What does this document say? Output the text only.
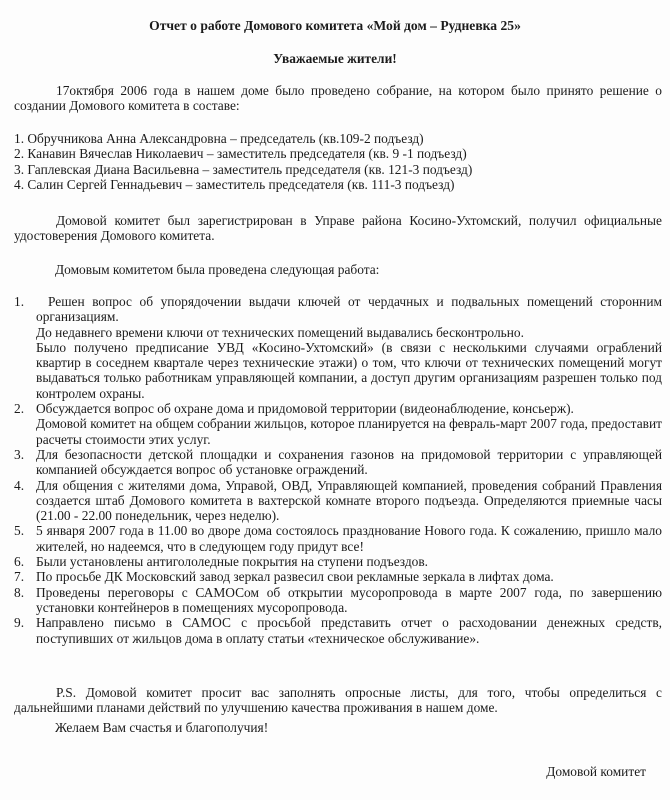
Отчет о работе Домового комитета «Мой дом – Рудневка 25»
Уважаемые жители!

17октября 2006 года в нашем доме было проведено собрание, на котором было принято решение о создании Домового комитета в составе:

1. Обручникова Анна Александровна – председатель (кв.109-2 подъезд)
2. Канавин Вячеслав Николаевич – заместитель председателя (кв. 9 -1 подъезд)
3. Гаплевская Диана Васильевна – заместитель председателя (кв. 121-3 подъезд)
4. Салин Сергей Геннадьевич – заместитель председателя (кв. 111-3 подъезд)

Домовой комитет был зарегистрирован в Управе района Косино-Ухтомский, получил официальные удостоверения Домового комитета.

Домовым комитетом была проведена следующая работа:
1.	Решен вопрос об упорядочении выдачи ключей от чердачных и подвальных помещений сторонним организациям.

До недавнего времени ключи от технических помещений выдавались бесконтрольно.

Было получено предписание УВД «Косино-Ухтомский» (в связи с несколькими случаями ограблений квартир в соседнем квартале через технические этажи) о том, что ключи от технических помещений могут выдаваться только работникам управляющей компании, а доступ другим организациям разрешен только под контролем охраны.

2. Обсуждается вопрос об охране дома и придомовой территории (видеонаблюдение, консьерж).

Домовой комитет на общем собрании жильцов, которое планируется на февраль-март 2007 года, предоставит расчеты стоимости этих услуг.

3. Для безопасности детской площадки и сохранения газонов на придомовой территории с управляющей компанией обсуждается вопрос об установке ограждений.

4. Для общения с жителями дома, Управой, ОВД, Управляющей компанией, проведения собраний Правления создается штаб Домового комитета в вахтерской комнате второго подъезда. Определяются приемные часы (21.00 - 22.00 понедельник, через неделю).

5. 5 января 2007 года в 11.00 во дворе дома состоялось празднование Нового года. К сожалению, пришло мало жителей, но надеемся, что в следующем году придут все!

6. Были установлены антигололедные покрытия на ступени подъездов.

7. По просьбе ДК Московский завод зеркал развесил свои рекламные зеркала в лифтах дома.

8. Проведены переговоры с САМОСом об открытии мусоропровода в марте 2007 года, по завершению установки контейнеров в помещениях мусоропровода.

9. Направлено письмо в САМОС с просьбой представить отчет о расходовании денежных средств, поступивших от жильцов дома в оплату статьи «техническое обслуживание».

P.S. Домовой комитет просит вас заполнять опросные листы, для того, чтобы определиться с дальнейшими планами действий по улучшению качества проживания в нашем доме.

Желаем Вам счастья и благополучия!
Домовой комитет
